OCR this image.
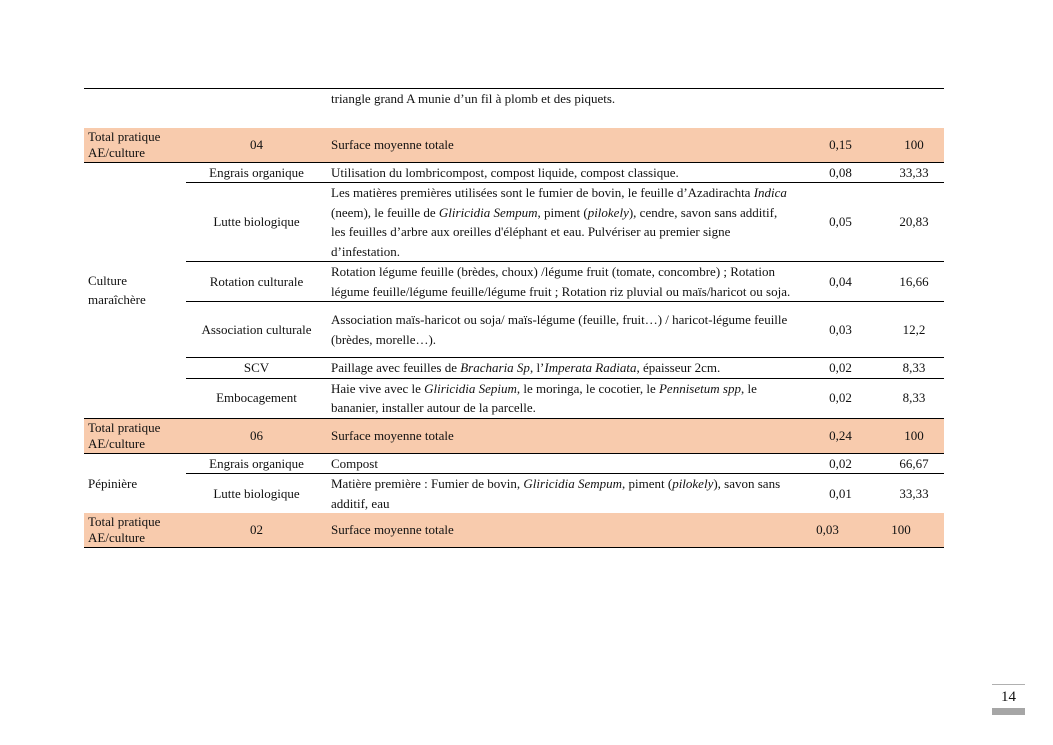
		triangle grand A munie d’un fil à plomb et des piquets.		

Total pratique AE/culture	04	Surface moyenne totale	0,15	100
Culture maraîchère	Engrais organique	Utilisation du lombricompost, compost liquide, compost classique.	0,08	33,33
	Lutte biologique	Les matières premières utilisées sont le fumier de bovin, le feuille d’Azadirachta Indica (neem), le feuille de Gliricidia Sempum, piment (pilokely), cendre, savon sans additif, les feuilles d’arbre aux oreilles d'éléphant et eau. Pulvériser au premier signe d’infestation.	0,05	20,83
	Rotation culturale	Rotation légume feuille (brèdes, choux) /légume fruit (tomate, concombre) ; Rotation légume feuille/légume feuille/légume fruit ; Rotation riz pluvial ou maïs/haricot ou soja.	0,04	16,66
	Association culturale	Association maïs-haricot ou soja/ maïs-légume (feuille, fruit…) / haricot-légume feuille (brèdes, morelle…).	0,03	12,2
	SCV	Paillage avec feuilles de Bracharia Sp, l’Imperata Radiata, épaisseur 2cm.	0,02	8,33
	Embocagement	Haie vive avec le Gliricidia Sepium, le moringa, le cocotier, le Pennisetum spp, le bananier, installer autour de la parcelle.	0,02	8,33
Total pratique AE/culture	06	Surface moyenne totale	0,24	100
Pépinière	Engrais organique	Compost	0,02	66,67
	Lutte biologique	Matière première : Fumier de bovin, Gliricidia Sempum, piment (pilokely), savon sans additif, eau	0,01	33,33
Total pratique AE/culture	02	Surface moyenne totale	0,03	100
14
